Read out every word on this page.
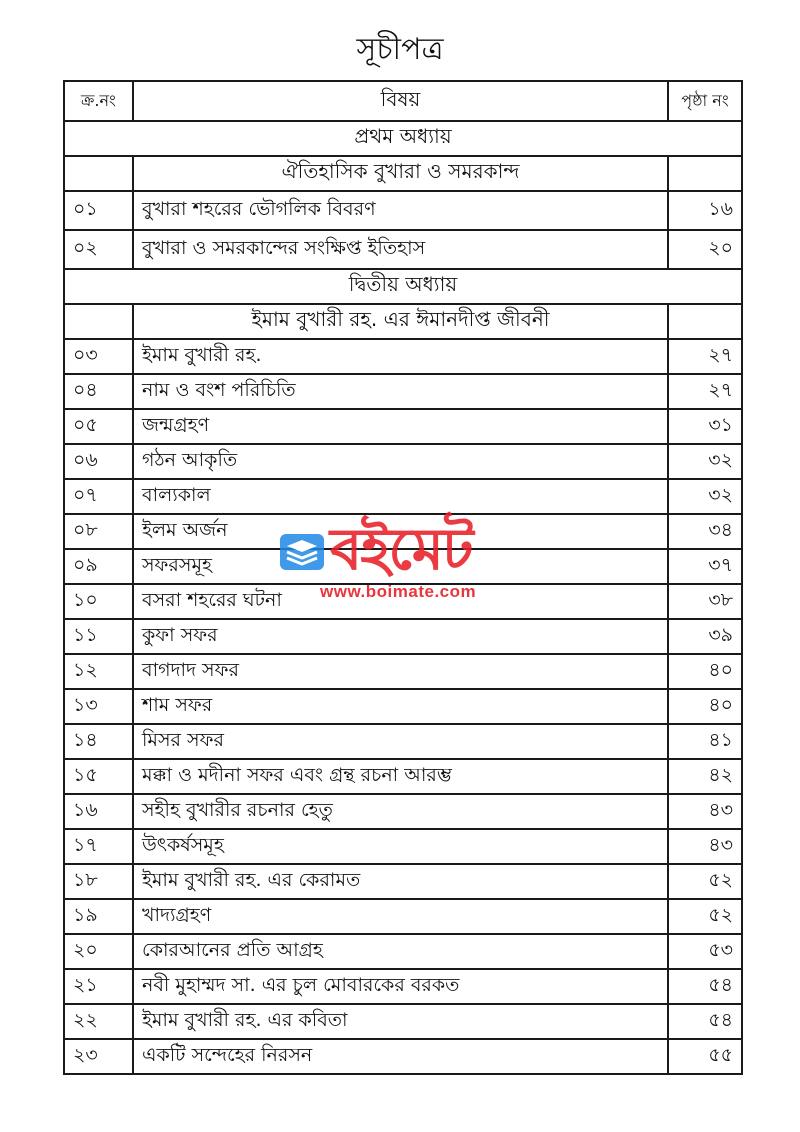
সূচীপত্র
ক্র.নং	বিষয়	পৃষ্ঠা নং
প্রথম অধ্যায়		
	ঐতিহাসিক বুখারা ও সমরকান্দ	
০১	বুখারা শহরের ভৌগলিক বিবরণ	১৬
০২	বুখারা ও সমরকান্দের সংক্ষিপ্ত ইতিহাস	২০
দ্বিতীয় অধ্যায়		
	ইমাম বুখারী রহ. এর ঈমানদীপ্ত জীবনী	
০৩	ইমাম বুখারী রহ.	২৭
০৪	নাম ও বংশ পরিচিতি	২৭
০৫	জন্মগ্রহণ	৩১
০৬	গঠন আকৃতি	৩২
০৭	বাল্যকাল	৩২
০৮	ইলম অর্জন	৩৪
০৯	সফরসমূহ	৩৭
১০	বসরা শহরের ঘটনা	৩৮
১১	কুফা সফর	৩৯
১২	বাগদাদ সফর	৪০
১৩	শাম সফর	৪০
১৪	মিসর সফর	৪১
১৫	মক্কা ও মদীনা সফর এবং গ্রন্থ রচনা আরম্ভ	৪২
১৬	সহীহ বুখারীর রচনার হেতু	৪৩
১৭	উৎকর্ষসমূহ	৪৩
১৮	ইমাম বুখারী রহ. এর কেরামত	৫২
১৯	খাদ্যগ্রহণ	৫২
২০	কোরআনের প্রতি আগ্রহ	৫৩
২১	নবী মুহাম্মদ সা. এর চুল মোবারকের বরকত	৫৪
২২	ইমাম বুখারী রহ. এর কবিতা	৫৪
২৩	একটি সন্দেহের নিরসন	৫৫
বইমেট
www.boimate.com
